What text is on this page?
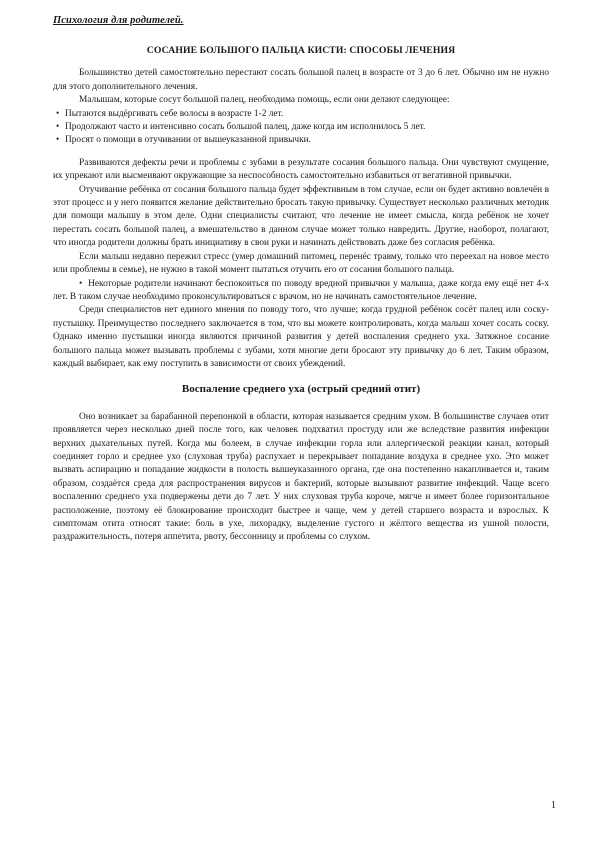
Психология для родителей.
СОСАНИЕ БОЛЬШОГО ПАЛЬЦА КИСТИ: СПОСОБЫ ЛЕЧЕНИЯ

Большинство детей самостоятельно перестают сосать большой палец в возрасте от 3 до 6 лет. Обычно им не нужно для этого дополнительного лечения.

Малышам, которые сосут большой палец, необходима помощь, если они делают следующее:

• Пытаются выдёргивать себе волосы в возрасте 1-2 лет.
• Продолжают часто и интенсивно сосать большой палец, даже когда им исполнилось 5 лет.
• Просят о помощи в отучивании от вышеуказанной привычки.

Развиваются дефекты речи и проблемы с зубами в результате сосания большого пальца. Они чувствуют смущение, их упрекают или высмеивают окружающие за неспособность самостоятельно избавиться от вегативной привычки.

Отучивание ребёнка от сосания большого пальца будет эффективным в том случае, если он будет активно вовлечён в этот процесс и у него появится желание действительно бросать такую привычку. Существует несколько различных методик для помощи малышу в этом деле. Одни специалисты считают, что лечение не имеет смысла, когда ребёнок не хочет перестать сосать большой палец, а вмешательство в данном случае может только навредить. Другие, наоборот, полагают, что иногда родители должны брать инициативу в свои руки и начинать действовать даже без согласия ребёнка.

Если малыш недавно пережил стресс (умер домашний питомец, перенёс травму, только что переехал на новое место или проблемы в семье), не нужно в такой момент пытаться отучить его от сосания большого пальца.

• Некоторые родители начинают беспокоиться по поводу вредной привычки у малыша, даже когда ему ещё нет 4-х лет. В таком случае необходимо проконсультироваться с врачом, но не начинать самостоятельное лечение.

Среди специалистов нет единого мнения по поводу того, что лучше; когда грудной ребёнок сосёт палец или соску-пустышку. Преимущество последнего заключается в том, что вы можете контролировать, когда малыш хочет сосать соску. Однако именно пустышки иногда являются причиной развития у детей воспаления среднего уха. Затяжное сосание большого пальца может вызывать проблемы с зубами, хотя многие дети бросают эту привычку до 6 лет. Таким образом, каждый выбирает, как ему поступить в зависимости от своих убеждений.

Воспаление среднего уха (острый средний отит)

Оно возникает за барабанной перепонкой в области, которая называется средним ухом. В большинстве случаев отит проявляется через несколько дней после того, как человек подхватил простуду или же вследствие развития инфекции верхних дыхательных путей. Когда мы болеем, в случае инфекции горла или аллергической реакции канал, который соединяет горло и среднее ухо (слуховая труба) распухает и перекрывает попадание воздуха в среднее ухо. Это может вызвать аспирацию и попадание жидкости в полость вышеуказанного органа, где она постепенно накапливается и, таким образом, создаётся среда для распространения вирусов и бактерий, которые вызывают развитие инфекций. Чаще всего воспалению среднего уха подвержены дети до 7 лет. У них слуховая труба короче, мягче и имеет более горизонтальное расположение, поэтому её блокирование происходит быстрее и чаще, чем у детей старшего возраста и взрослых. К симптомам отита относят такие: боль в ухе, лихорадку, выделение густого и жёлтого вещества из ушной полости, раздражительность, потеря аппетита, рвоту, бессонницу и проблемы со слухом.

1
